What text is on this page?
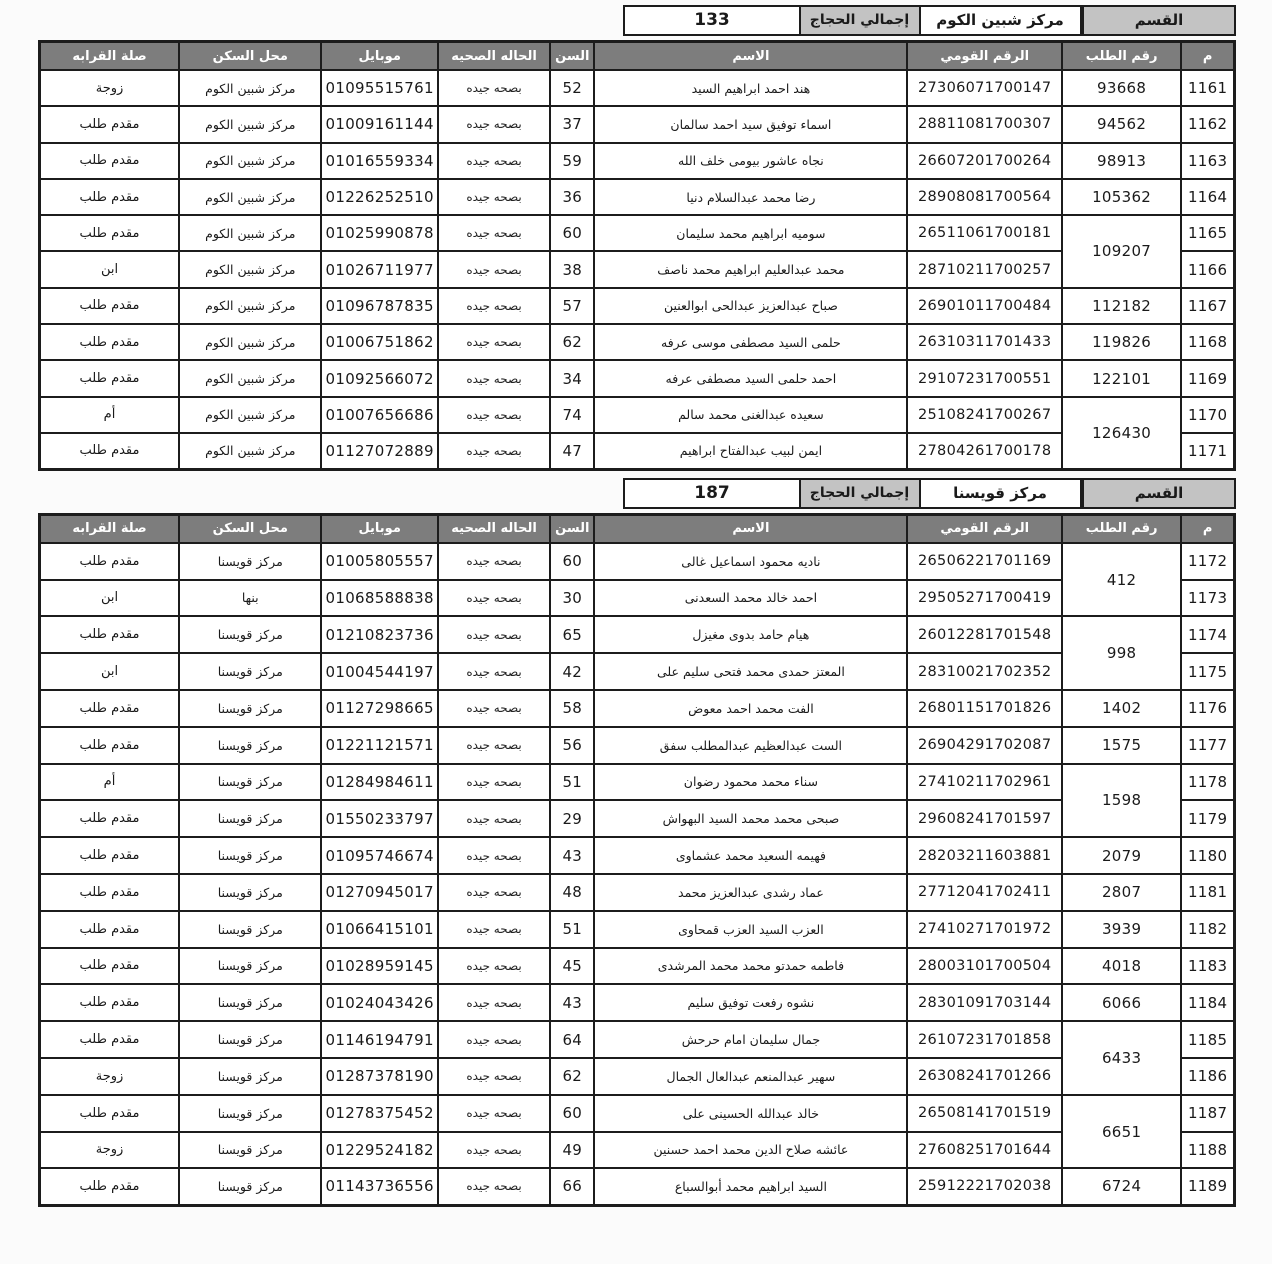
القسم
مركز شبين الكوم
إجمالي الحجاج
133
م	رقم الطلب	الرقم القومي	الاسم	السن	الحاله الصحيه	موبايل	محل السكن	صلة القرابه
1161	93668	27306071700147	هند احمد ابراهيم السيد	52	بصحه جيده	01095515761	مركز شبين الكوم	زوجة
1162	94562	28811081700307	اسماء توفيق سيد احمد سالمان	37	بصحه جيده	01009161144	مركز شبين الكوم	مقدم طلب
1163	98913	26607201700264	نجاه عاشور بيومى خلف الله	59	بصحه جيده	01016559334	مركز شبين الكوم	مقدم طلب
1164	105362	28908081700564	رضا محمد عبدالسلام دنيا	36	بصحه جيده	01226252510	مركز شبين الكوم	مقدم طلب
1165	109207	26511061700181	سوميه ابراهيم محمد سليمان	60	بصحه جيده	01025990878	مركز شبين الكوم	مقدم طلب
1166		28710211700257	محمد عبدالعليم ابراهيم محمد ناصف	38	بصحه جيده	01026711977	مركز شبين الكوم	ابن
1167	112182	26901011700484	صباح عبدالعزيز عبدالحى ابوالعنين	57	بصحه جيده	01096787835	مركز شبين الكوم	مقدم طلب
1168	119826	26310311701433	حلمى السيد مصطفى موسى عرفه	62	بصحه جيده	01006751862	مركز شبين الكوم	مقدم طلب
1169	122101	29107231700551	احمد حلمى السيد مصطفى عرفه	34	بصحه جيده	01092566072	مركز شبين الكوم	مقدم طلب
1170	126430	25108241700267	سعيده عبدالغنى محمد سالم	74	بصحه جيده	01007656686	مركز شبين الكوم	أم
1171		27804261700178	ايمن لبيب عبدالفتاح ابراهيم	47	بصحه جيده	01127072889	مركز شبين الكوم	مقدم طلب
القسم
مركز قويسنا
إجمالي الحجاج
187
م	رقم الطلب	الرقم القومي	الاسم	السن	الحاله الصحيه	موبايل	محل السكن	صلة القرابه
1172	412	26506221701169	ناديه محمود اسماعيل غالى	60	بصحه جيده	01005805557	مركز قويسنا	مقدم طلب
1173		29505271700419	احمد خالد محمد السعدنى	30	بصحه جيده	01068588838	بنها	ابن
1174	998	26012281701548	هيام حامد بدوى مغيزل	65	بصحه جيده	01210823736	مركز قويسنا	مقدم طلب
1175		28310021702352	المعتز حمدى محمد فتحى سليم على	42	بصحه جيده	01004544197	مركز قويسنا	ابن
1176	1402	26801151701826	الفت محمد احمد معوض	58	بصحه جيده	01127298665	مركز قويسنا	مقدم طلب
1177	1575	26904291702087	الست عبدالعظيم عبدالمطلب سفق	56	بصحه جيده	01221121571	مركز قويسنا	مقدم طلب
1178	1598	27410211702961	سناء محمد محمود رضوان	51	بصحه جيده	01284984611	مركز قويسنا	أم
1179		29608241701597	صبحى محمد محمد السيد البهواش	29	بصحه جيده	01550233797	مركز قويسنا	مقدم طلب
1180	2079	28203211603881	فهيمه السعيد محمد عشماوى	43	بصحه جيده	01095746674	مركز قويسنا	مقدم طلب
1181	2807	27712041702411	عماد رشدى عبدالعزيز محمد	48	بصحه جيده	01270945017	مركز قويسنا	مقدم طلب
1182	3939	27410271701972	العزب السيد العزب قمحاوى	51	بصحه جيده	01066415101	مركز قويسنا	مقدم طلب
1183	4018	28003101700504	فاطمه حمدتو محمد محمد المرشدى	45	بصحه جيده	01028959145	مركز قويسنا	مقدم طلب
1184	6066	28301091703144	نشوه رفعت توفيق سليم	43	بصحه جيده	01024043426	مركز قويسنا	مقدم طلب
1185	6433	26107231701858	جمال سليمان امام حرحش	64	بصحه جيده	01146194791	مركز قويسنا	مقدم طلب
1186		26308241701266	سهير عبدالمنعم عبدالعال الجمال	62	بصحه جيده	01287378190	مركز قويسنا	زوجة
1187	6651	26508141701519	خالد عبدالله الحسينى على	60	بصحه جيده	01278375452	مركز قويسنا	مقدم طلب
1188		27608251701644	عائشه صلاح الدين محمد احمد حسنين	49	بصحه جيده	01229524182	مركز قويسنا	زوجة
1189	6724	25912221702038	السيد ابراهيم محمد أبوالسباع	66	بصحه جيده	01143736556	مركز قويسنا	مقدم طلب
